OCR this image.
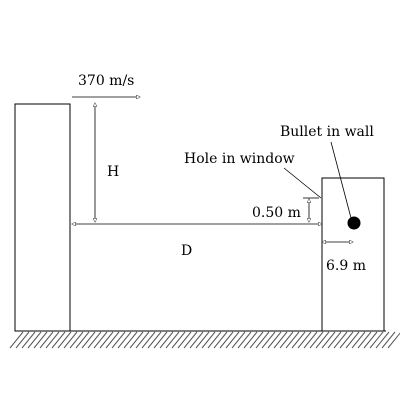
370 m/s
H
D
0.50 m
Hole in window
Bullet in wall
6.9 m
